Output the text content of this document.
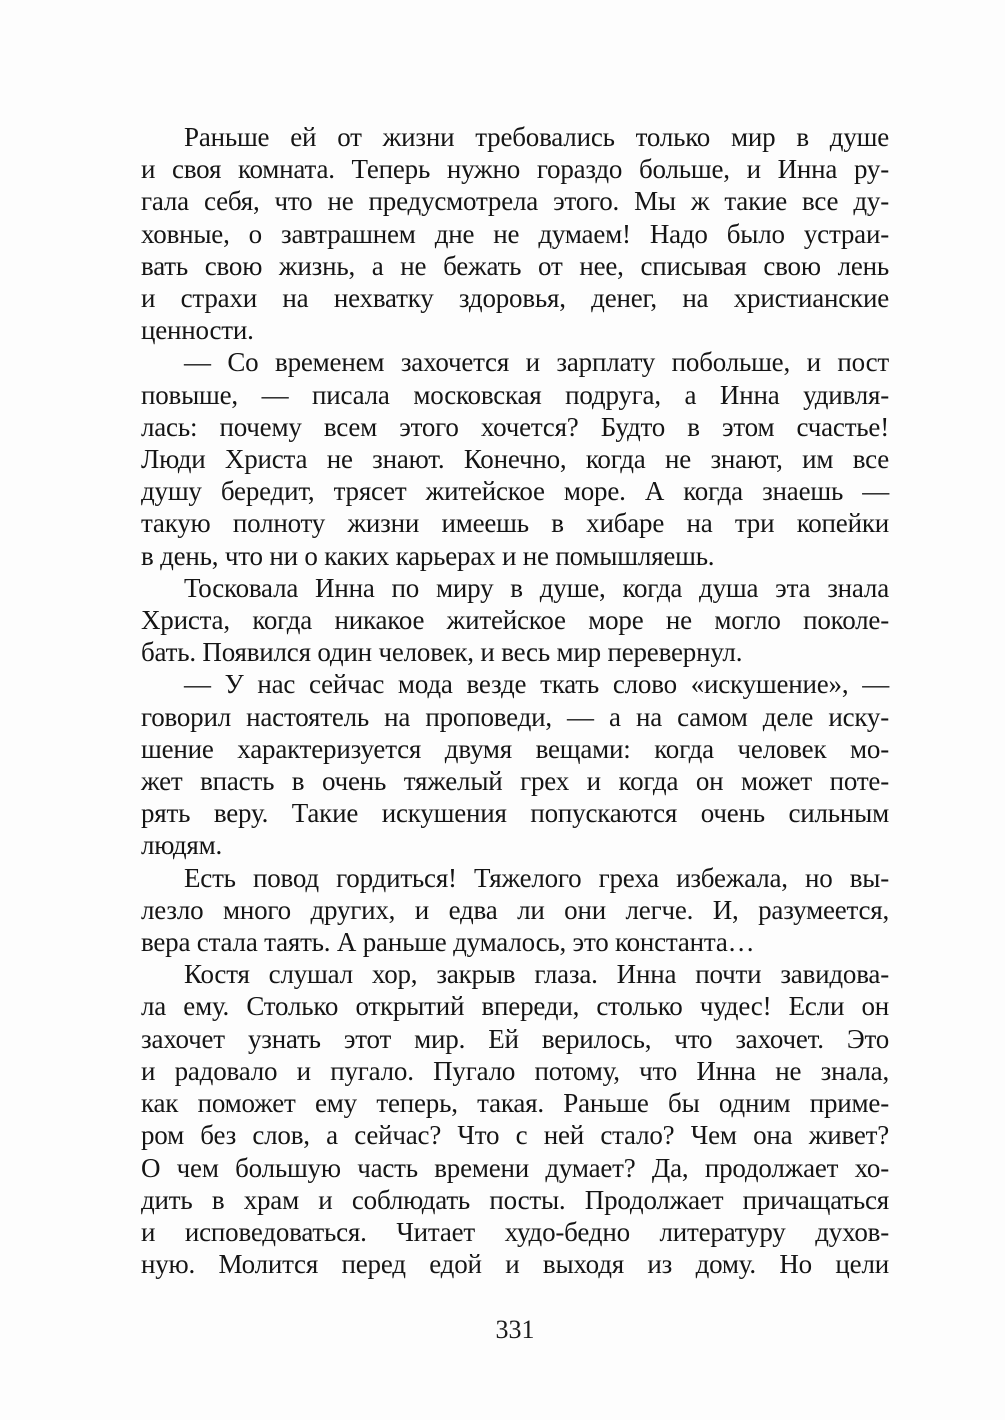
Раньше ей от жизни требовались только мир в душе
и своя комната. Теперь нужно гораздо больше, и Инна ру-
гала себя, что не предусмотрела этого. Мы ж такие все ду-
ховные, о завтрашнем дне не думаем! Надо было устраи-
вать свою жизнь, а не бежать от нее, списывая свою лень
и страхи на нехватку здоровья, денег, на христианские
ценности.

— Со временем захочется и зарплату побольше, и пост
повыше, — писала московская подруга, а Инна удивля-
лась: почему всем этого хочется? Будто в этом счастье!
Люди Христа не знают. Конечно, когда не знают, им все
душу бередит, трясет житейское море. А когда знаешь —
такую полноту жизни имеешь в хибаре на три копейки
в день, что ни о каких карьерах и не помышляешь.

Тосковала Инна по миру в душе, когда душа эта знала
Христа, когда никакое житейское море не могло поколе-
бать. Появился один человек, и весь мир перевернул.

— У нас сейчас мода везде ткать слово «искушение», —
говорил настоятель на проповеди, — а на самом деле иску-
шение характеризуется двумя вещами: когда человек мо-
жет впасть в очень тяжелый грех и когда он может поте-
рять веру. Такие искушения попускаются очень сильным
людям.

Есть повод гордиться! Тяжелого греха избежала, но вы-
лезло много других, и едва ли они легче. И, разумеется,
вера стала таять. А раньше думалось, это константа…

Костя слушал хор, закрыв глаза. Инна почти завидова-
ла ему. Столько открытий впереди, столько чудес! Если он
захочет узнать этот мир. Ей верилось, что захочет. Это
и радовало и пугало. Пугало потому, что Инна не знала,
как поможет ему теперь, такая. Раньше бы одним приме-
ром без слов, а сейчас? Что с ней стало? Чем она живет?
О чем большую часть времени думает? Да, продолжает хо-
дить в храм и соблюдать посты. Продолжает причащаться
и исповедоваться. Читает худо-бедно литературу духов-
ную. Молится перед едой и выходя из дому. Но цели

331
